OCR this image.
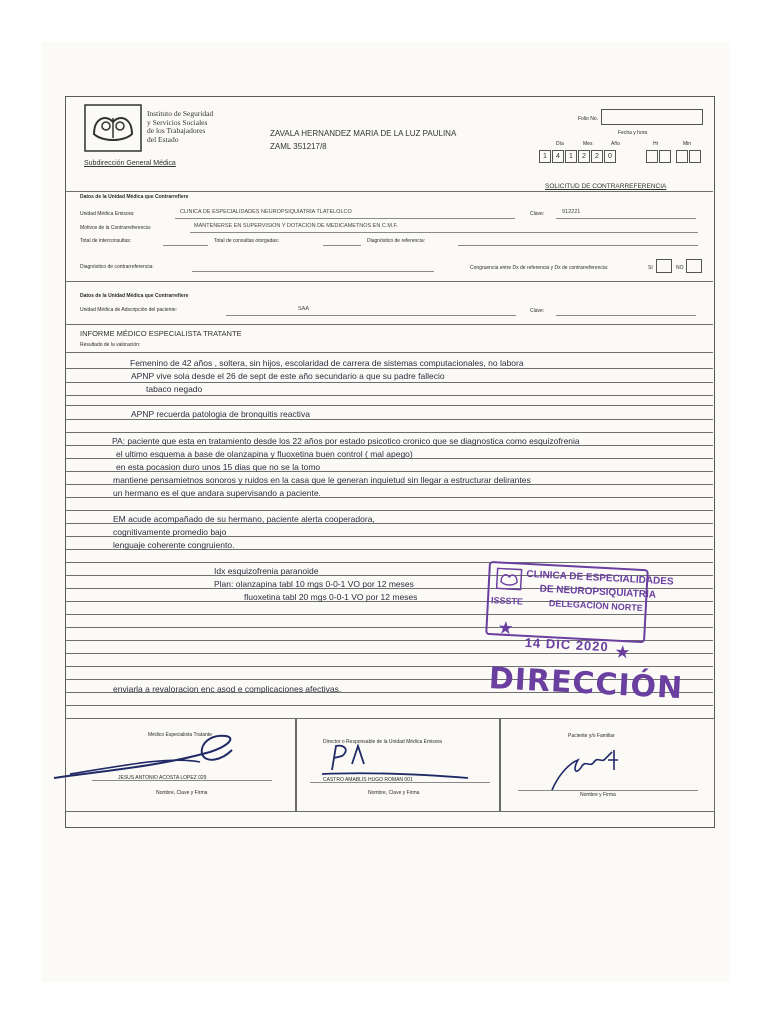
Instituto de Seguridad
y Servicios Sociales
de los Trabajadores
del Estado
Subdirección General Médica
ZAVALA HERNANDEZ MARIA DE LA LUZ PAULINA
ZAML 351217/8
Folio No.
Fecha y hora
Día	Mes	Año	Hr	Min
1	4	1	2	2	0
SOLICITUD DE CONTRARREFERENCIA
Datos de la Unidad Médica que Contrarrefiere
Unidad Médica Emisora:	CLINICA DE ESPECIALIDADES NEUROPSIQUIATRIA TLATELOLCO	Clave:	912221
Motivos de la Contrarreferencia:	MANTENERSE EN SUPERVISION Y DOTACION DE MEDICAMETNOS EN C.M.F.
Total de interconsultas:	Total de consultas otorgadas:	Diagnóstico de referencia:
Diagnóstico de contrarreferencia:	Congruencia entre Dx de referencia y Dx de contrarreferencia:	SI	NO
Datos de la Unidad Médica que Contrarrefiere
Unidad Médica de Adscripción del paciente:	SAA	Clave:
INFORME MÉDICO ESPECIALISTA TRATANTE
Resultado de la valoración:
Femenino de 42 años , soltera, sin hijos, escolaridad de carrera de sistemas computacionales, no labora
APNP vive sola desde el 26 de sept de este año secundario a que su padre fallecio
tabaco negado
APNP recuerda patologia de bronquitis reactiva
PA: paciente que esta en tratamiento desde los 22 años por estado psicotico cronico que se diagnostica como esquizofrenia
el ultimo esquema a base de olanzapina y fluoxetina buen control ( mal apego)
en esta pocasion duro unos 15 dias que no se la tomo
mantiene pensamietnos sonoros y ruidos en la casa que le generan inquietud sin llegar a estructurar delirantes
un hermano es el que andara supervisando a paciente.
EM acude acompañado de su hermano, paciente alerta cooperadora,
cognitivamente promedio bajo
lenguaje coherente congruiento.
Idx esquizofrenia paranoide
Plan: olanzapina tabl 10 mgs 0-0-1 VO por 12 meses
fluoxetina tabl 20 mgs 0-0-1 VO por 12 meses
enviarla a revaloracion enc asod e complicaciones afectivas.
CLINICA DE ESPECIALIDADES
DE NEUROPSIQUIATRIA
ISSSTE	DELEGACION NORTE
★
★
14 DIC 2020
DIRECCIÓN
Médico Especialista Tratante
JESUS ANTONIO ACOSTA LOPEZ 029
Nombre, Clave y Firma
Director o Responsable de la Unidad Médica Emisora
CASTRO AMABLIS HUGO ROMAN 001
Nombre, Clave y Firma
Paciente y/o Familiar
Nombre y Firma
